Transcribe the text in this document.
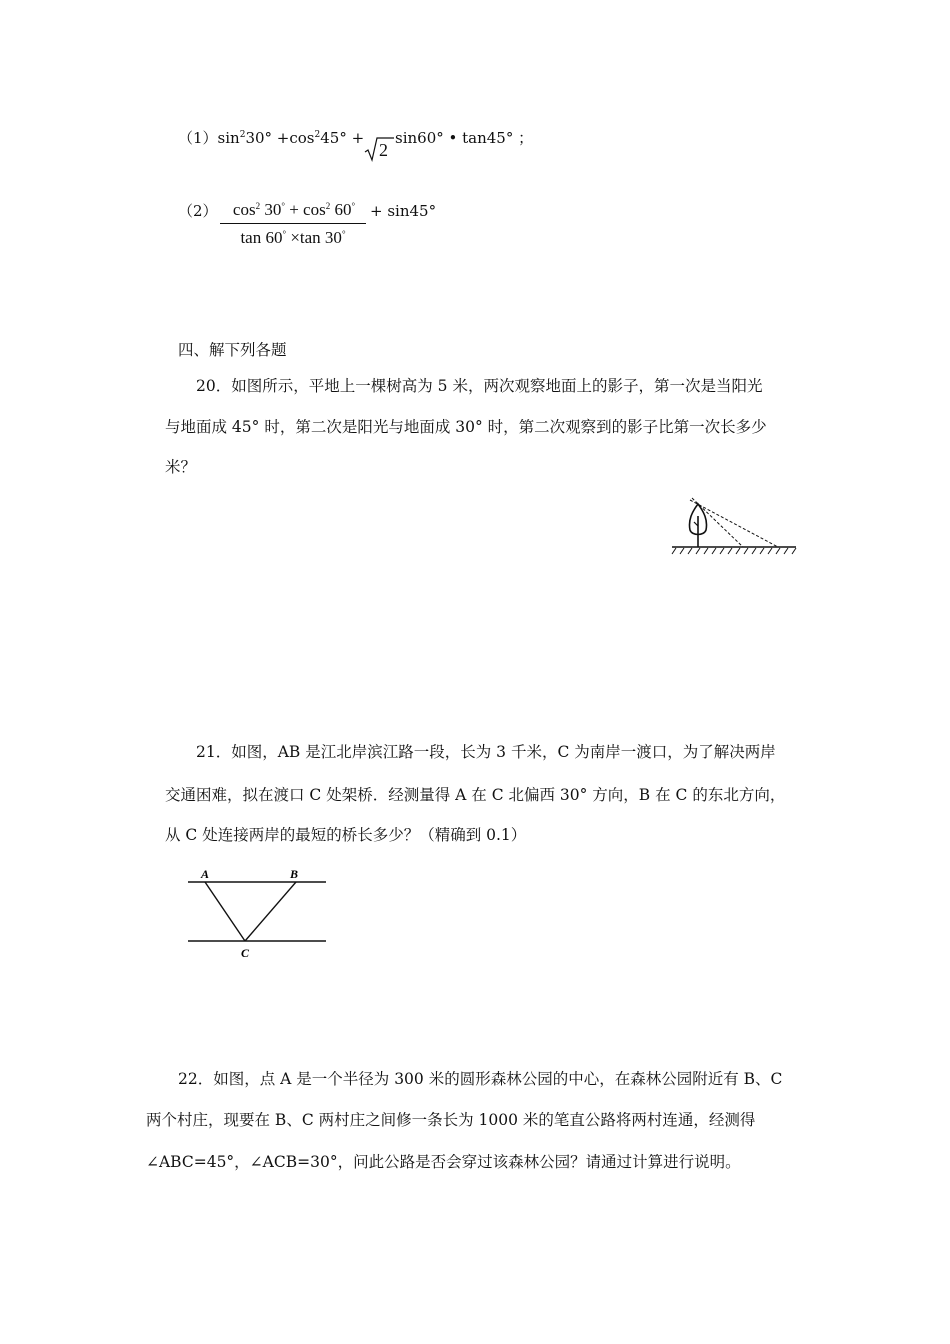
$(1)\sin^230^\circ +\cos^245^\circ$ +
2
sin60° • tan45° ；
（2） $\cos^2 30^\circ + \cos^2 60^\circ$
tan 60° ×tan 30°
+ sin45°
四、解下列各题
20．如图所示，平地上一棵树高为 5 米，两次观察地面上的影子，第一次是当阳光
与地面成 45° 时，第二次是阳光与地面成 30° 时，第二次观察到的影子比第一次长多少
米？
21．如图，AB 是江北岸滨江路一段，长为 3 千米，C 为南岸一渡口，为了解决两岸
交通困难，拟在渡口 C 处架桥．经测量得 A 在 C 北偏西 30° 方向，B 在 C 的东北方向，
从 C 处连接两岸的最短的桥长多少？（精确到 0.1）
A	B
C
22．如图，点 A 是一个半径为 300 米的圆形森林公园的中心，在森林公园附近有 B、C
两个村庄，现要在 B、C 两村庄之间修一条长为 1000 米的笔直公路将两村连通，经测得
∠ABC=45°，∠ACB=30°，问此公路是否会穿过该森林公园？请通过计算进行说明。
